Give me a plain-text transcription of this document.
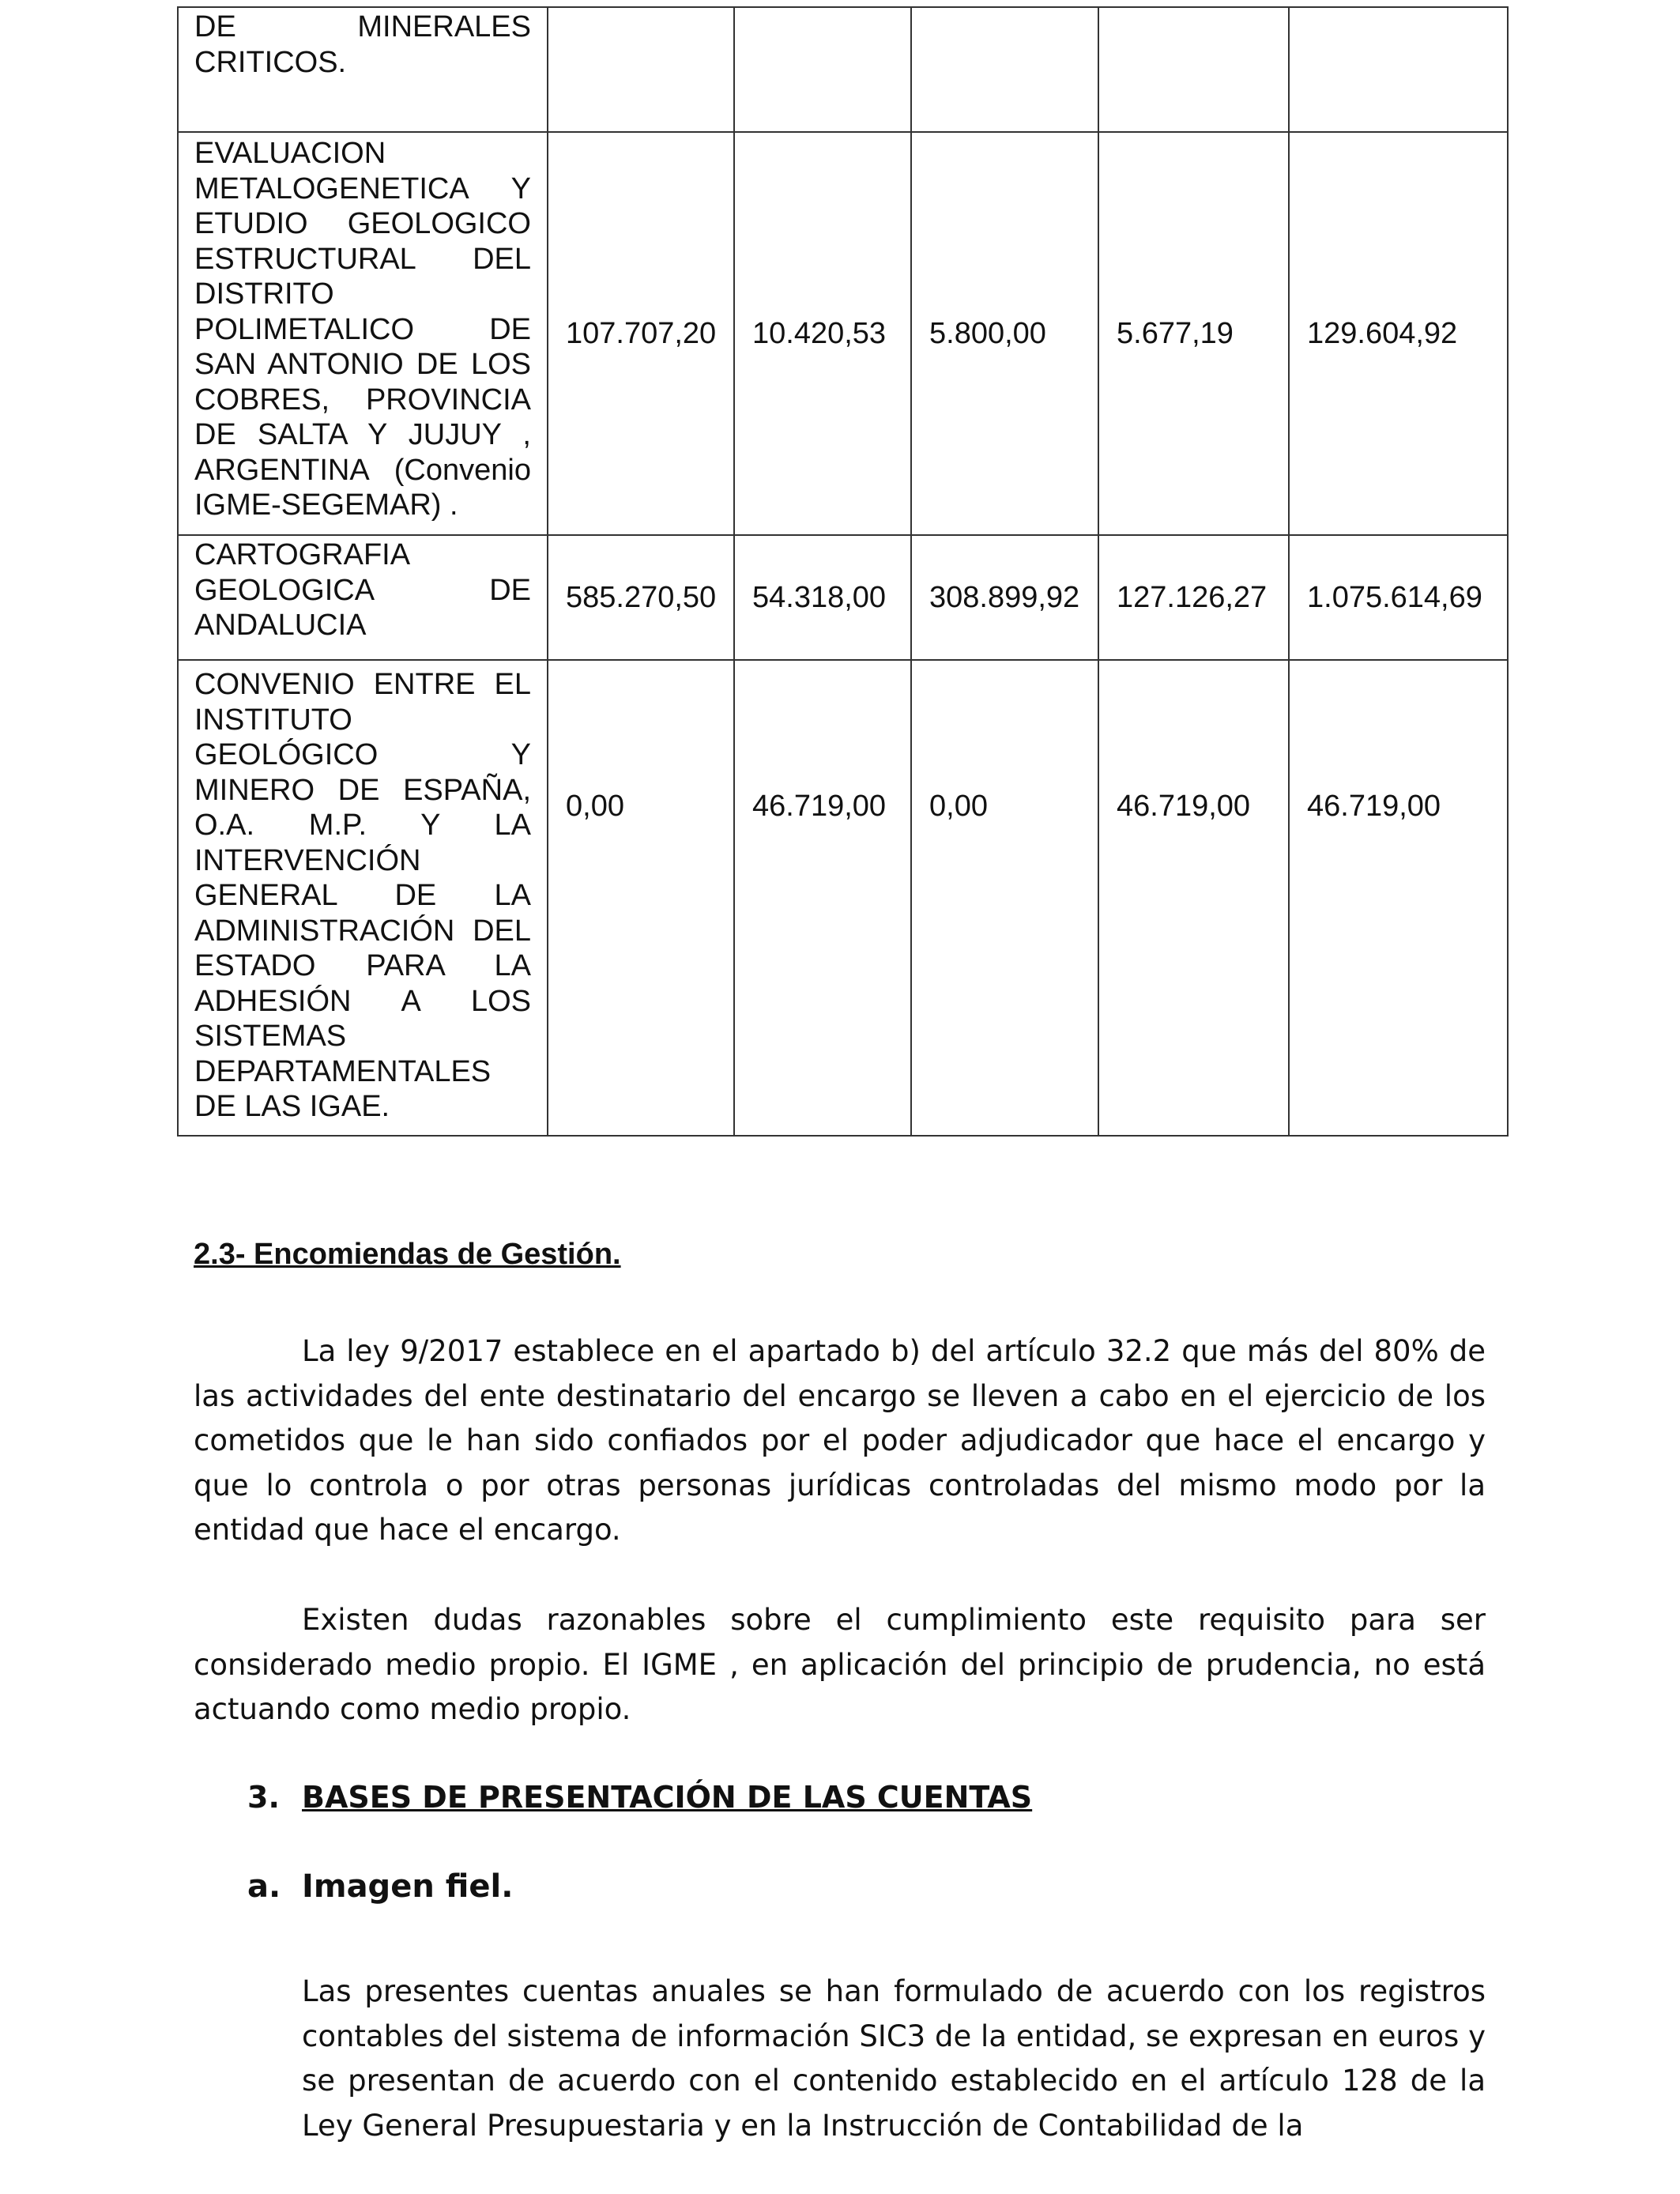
DE MINERALES CRITICOS.					

EVALUACION METALOGENETICA Y ETUDIO GEOLOGICO ESTRUCTURAL DEL DISTRITO POLIMETALICO DE SAN ANTONIO DE LOS COBRES, PROVINCIA DE SALTA Y JUJUY , ARGENTINA (Convenio IGME-SEGEMAR) .	107.707,20	10.420,53	5.800,00	5.677,19	129.604,92

CARTOGRAFIA GEOLOGICA DE ANDALUCIA	585.270,50	54.318,00	308.899,92	127.126,27	1.075.614,69

CONVENIO ENTRE EL INSTITUTO GEOLÓGICO Y MINERO DE ESPAÑA, O.A. M.P. Y LA INTERVENCIÓN GENERAL DE LA ADMINISTRACIÓN DEL ESTADO PARA LA ADHESIÓN A LOS SISTEMAS DEPARTAMENTALES DE LAS IGAE.	0,00	46.719,00	0,00	46.719,00	46.719,00
2.3- Encomiendas de Gestión.

La ley 9/2017 establece en el apartado b) del artículo 32.2 que más del 80% de las actividades del ente destinatario del encargo se lleven a cabo en el ejercicio de los cometidos que le han sido confiados por el poder adjudicador que hace el encargo y que lo controla o por otras personas jurídicas controladas del mismo modo por la entidad que hace el encargo.

Existen dudas razonables sobre el cumplimiento este requisito para ser considerado medio propio. El IGME , en aplicación del principio de prudencia, no está actuando como medio propio.

3. BASES DE PRESENTACIÓN DE LAS CUENTAS
a. Imagen fiel.

Las presentes cuentas anuales se han formulado de acuerdo con los registros contables del sistema de información SIC3 de la entidad, se expresan en euros y se presentan de acuerdo con el contenido establecido en el artículo 128 de la Ley General Presupuestaria y en la Instrucción de Contabilidad de la
